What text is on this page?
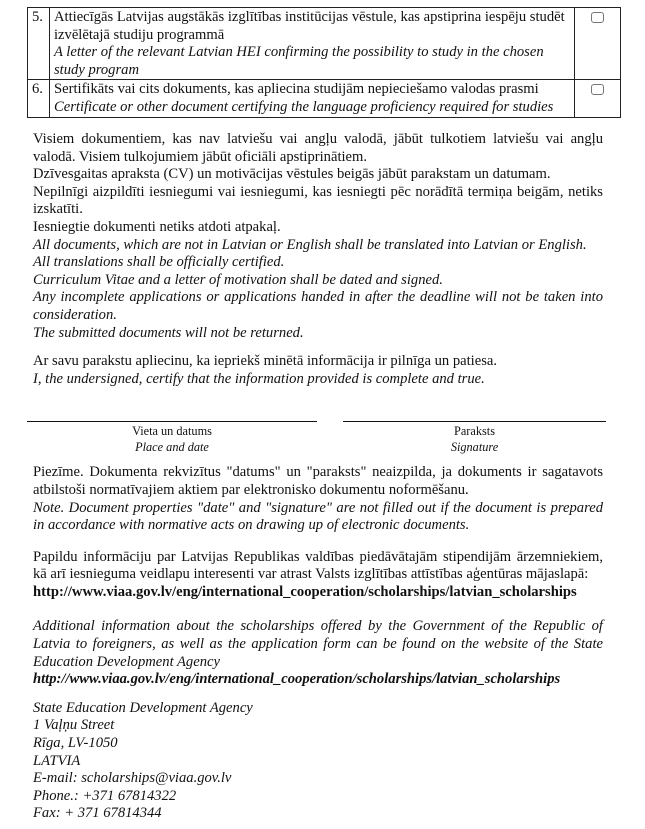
5.	Attiecīgās Latvijas augstākās izglītības institūcijas vēstule, kas apstiprina iespēju studēt izvēlētajā studiju programmā
A letter of the relevant Latvian HEI confirming the possibility to study in the chosen study program	

6.	Sertifikāts vai cits dokuments, kas apliecina studijām nepieciešamo valodas prasmi
Certificate or other document certifying the language proficiency required for studies	

Visiem dokumentiem, kas nav latviešu vai angļu valodā, jābūt tulkotiem latviešu vai angļu valodā. Visiem tulkojumiem jābūt oficiāli apstiprinātiem.
Dzīvesgaitas apraksta (CV) un motivācijas vēstules beigās jābūt parakstam un datumam.
Nepilnīgi aizpildīti iesniegumi vai iesniegumi, kas iesniegti pēc norādītā termiņa beigām, netiks izskatīti.
Iesniegtie dokumenti netiks atdoti atpakaļ.
All documents, which are not in Latvian or English shall be translated into Latvian or English.
All translations shall be officially certified.
Curriculum Vitae and a letter of motivation shall be dated and signed.
Any incomplete applications or applications handed in after the deadline will not be taken into consideration.
The submitted documents will not be returned.
Ar savu parakstu apliecinu, ka iepriekš minētā informācija ir pilnīga un patiesa.
I, the undersigned, certify that the information provided is complete and true.
Vieta un datums
Place and date
Paraksts
Signature
Piezīme. Dokumenta rekvizītus "datums" un "paraksts" neaizpilda, ja dokuments ir sagatavots atbilstoši normatīvajiem aktiem par elektronisko dokumentu noformēšanu.
Note. Document properties "date" and "signature" are not filled out if the document is prepared in accordance with normative acts on drawing up of electronic documents.
Papildu informāciju par Latvijas Republikas valdības piedāvātajām stipendijām ārzemniekiem, kā arī iesnieguma veidlapu interesenti var atrast Valsts izglītības attīstības aģentūras mājaslapā:
http://www.viaa.gov.lv/eng/international_cooperation/scholarships/latvian_scholarships
Additional information about the scholarships offered by the Government of the Republic of Latvia to foreigners, as well as the application form can be found on the website of the State Education Development Agency
http://www.viaa.gov.lv/eng/international_cooperation/scholarships/latvian_scholarships
State Education Development Agency
1 Vaļņu Street
Rīga, LV-1050
LATVIA
E-mail: scholarships@viaa.gov.lv
Phone.: +371 67814322
Fax: + 371 67814344
